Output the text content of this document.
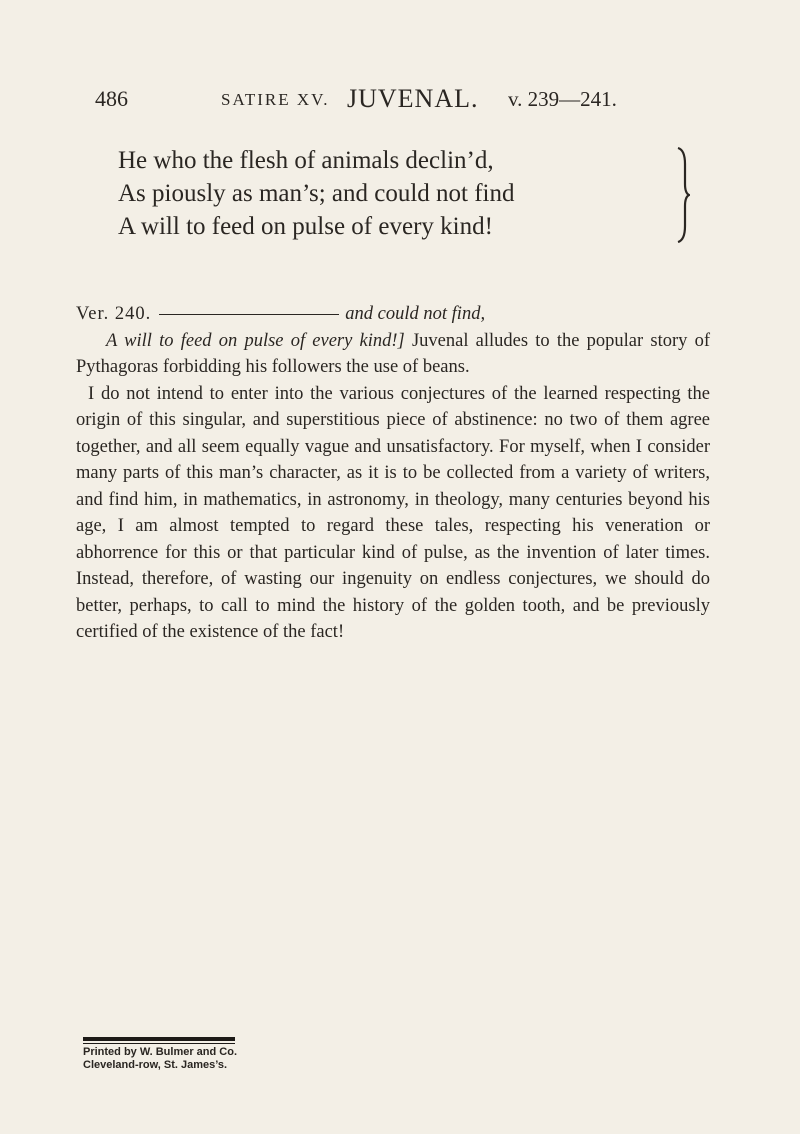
486	SATIRE XV. JUVENAL. v. 239—241.
He who the flesh of animals declin’d,
As piously as man’s; and could not find
A will to feed on pulse of every kind!

Ver. 240.	and could not find,

A will to feed on pulse of every kind!] Juvenal alludes to the popular story of Pythagoras forbidding his followers the use of beans.

I do not intend to enter into the various conjectures of the learned respecting the origin of this singular, and superstitious piece of abstinence: no two of them agree together, and all seem equally vague and unsatisfactory. For myself, when I consider many parts of this man’s character, as it is to be collected from a variety of writers, and find him, in mathematics, in astronomy, in theology, many centuries beyond his age, I am almost tempted to regard these tales, respecting his veneration or abhorrence for this or that particular kind of pulse, as the invention of later times. Instead, therefore, of wasting our ingenuity on endless conjectures, we should do better, perhaps, to call to mind the history of the golden tooth, and be previously certified of the existence of the fact!

Printed by W. Bulmer and Co.
Cleveland-row, St. James’s.
